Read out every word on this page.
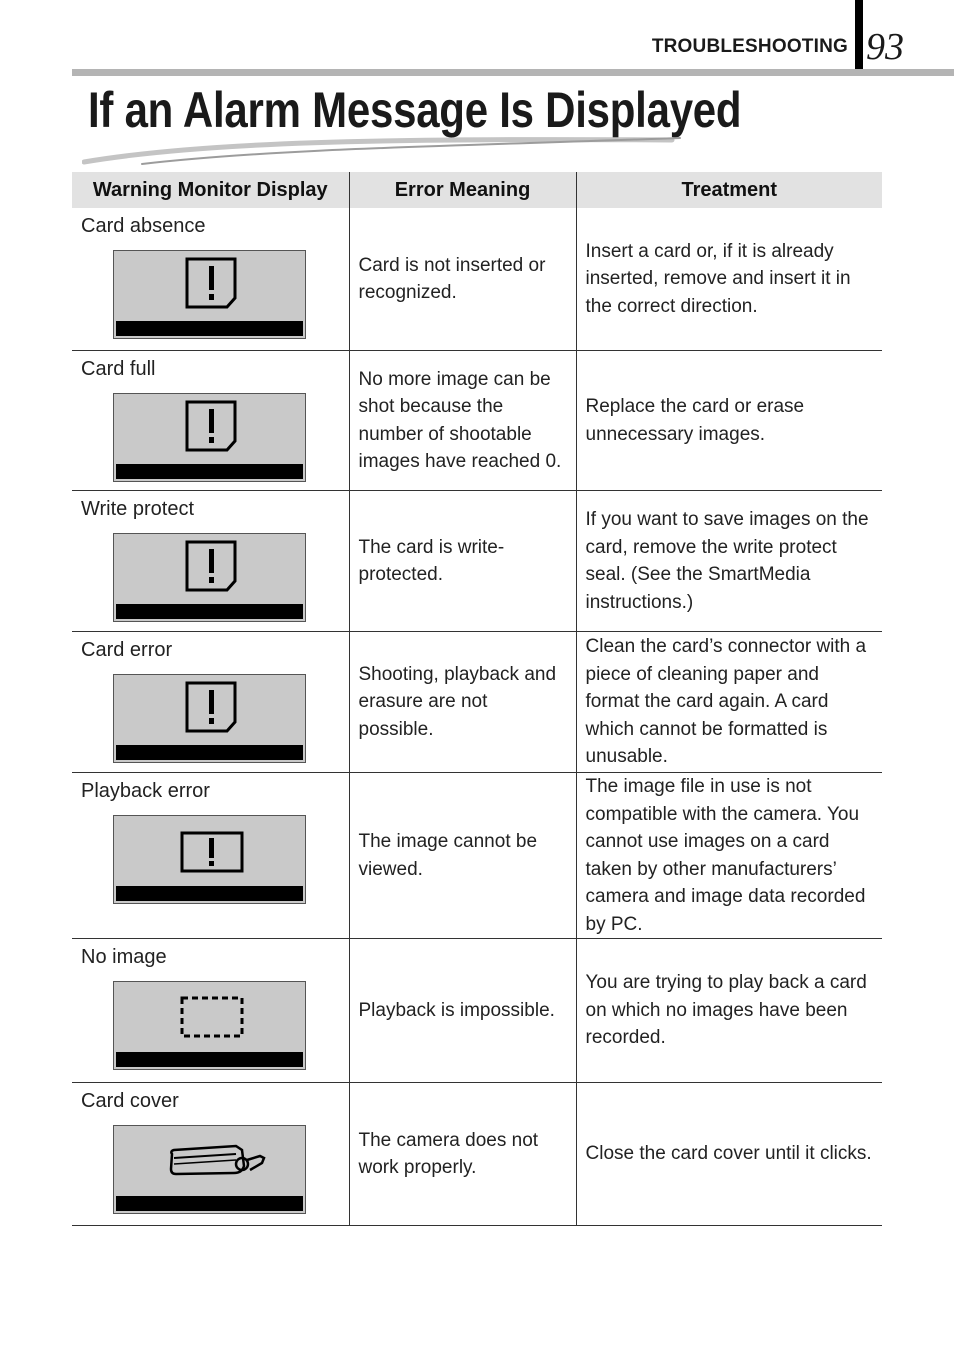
TROUBLESHOOTING 93
If an Alarm Message Is Displayed
Warning Monitor Display	Error Meaning	Treatment

Card absence	Card is not inserted or recognized.	Insert a card or, if it is already inserted, remove and insert it in the correct direction.

Card full	No more image can be shot because the number of shootable images have reached 0.	Replace the card or erase unnecessary images.

Write protect	The card is write-protected.	If you want to save images on the card, remove the write protect seal. (See the SmartMedia instructions.)

Card error	Shooting, playback and erasure are not possible.	Clean the card’s connector with a piece of cleaning paper and format the card again. A card which cannot be formatted is unusable.

Playback error	The image cannot be viewed.	The image file in use is not compatible with the camera. You cannot use images on a card taken by other manufacturers’ camera and image data recorded by PC.

No image	Playback is impossible.	You are trying to play back a card on which no images have been recorded.

Card cover	The camera does not work properly.	Close the card cover until it clicks.
